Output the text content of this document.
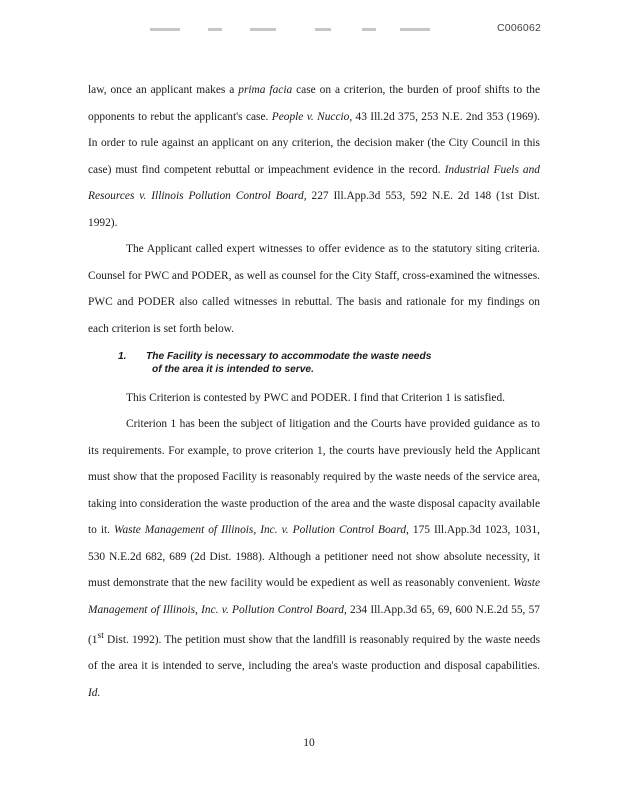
C006062

law, once an applicant makes a prima facia case on a criterion, the burden of proof shifts to the opponents to rebut the applicant's case. People v. Nuccio, 43 Ill.2d 375, 253 N.E. 2nd 353 (1969). In order to rule against an applicant on any criterion, the decision maker (the City Council in this case) must find competent rebuttal or impeachment evidence in the record. Industrial Fuels and Resources v. Illinois Pollution Control Board, 227 Ill.App.3d 553, 592 N.E. 2d 148 (1st Dist. 1992).

The Applicant called expert witnesses to offer evidence as to the statutory siting criteria. Counsel for PWC and PODER, as well as counsel for the City Staff, cross-examined the witnesses. PWC and PODER also called witnesses in rebuttal. The basis and rationale for my findings on each criterion is set forth below.

1. The Facility is necessary to accommodate the waste needs
of the area it is intended to serve.

This Criterion is contested by PWC and PODER. I find that Criterion 1 is satisfied.

Criterion 1 has been the subject of litigation and the Courts have provided guidance as to its requirements. For example, to prove criterion 1, the courts have previously held the Applicant must show that the proposed Facility is reasonably required by the waste needs of the service area, taking into consideration the waste production of the area and the waste disposal capacity available to it. Waste Management of Illinois, Inc. v. Pollution Control Board, 175 Ill.App.3d 1023, 1031, 530 N.E.2d 682, 689 (2d Dist. 1988). Although a petitioner need not show absolute necessity, it must demonstrate that the new facility would be expedient as well as reasonably convenient. Waste Management of Illinois, Inc. v. Pollution Control Board, 234 Ill.App.3d 65, 69, 600 N.E.2d 55, 57 (1st Dist. 1992). The petition must show that the landfill is reasonably required by the waste needs of the area it is intended to serve, including the area's waste production and disposal capabilities. Id.

10
